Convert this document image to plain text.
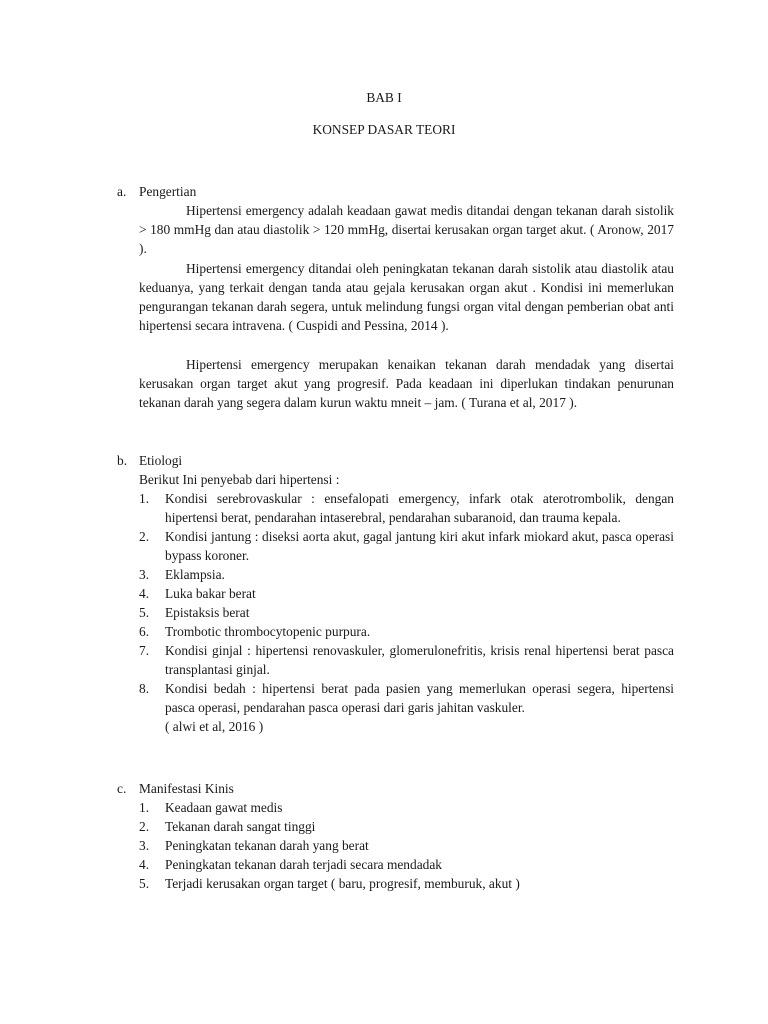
BAB I
KONSEP DASAR TEORI
a. Pengertian
Hipertensi emergency adalah keadaan gawat medis ditandai dengan tekanan darah sistolik > 180 mmHg dan atau diastolik > 120 mmHg, disertai kerusakan organ target akut. ( Aronow, 2017 ).
Hipertensi emergency ditandai oleh peningkatan tekanan darah sistolik atau diastolik atau keduanya, yang terkait dengan tanda atau gejala kerusakan organ akut . Kondisi ini memerlukan pengurangan tekanan darah segera, untuk melindung fungsi organ vital dengan pemberian obat anti hipertensi secara intravena. ( Cuspidi and Pessina, 2014 ).
Hipertensi emergency merupakan kenaikan tekanan darah mendadak yang disertai kerusakan organ target akut yang progresif. Pada keadaan ini diperlukan tindakan penurunan tekanan darah yang segera dalam kurun waktu mneit – jam. ( Turana et al, 2017 ).
b. Etiologi
Berikut Ini penyebab dari hipertensi :
1. Kondisi serebrovaskular : ensefalopati emergency, infark otak aterotrombolik, dengan hipertensi berat, pendarahan intaserebral, pendarahan subaranoid, dan trauma kepala.
2. Kondisi jantung : diseksi aorta akut, gagal jantung kiri akut infark miokard akut, pasca operasi bypass koroner.
3. Eklampsia.
4. Luka bakar berat
5. Epistaksis berat
6. Trombotic thrombocytopenic purpura.
7. Kondisi ginjal : hipertensi renovaskuler, glomerulonefritis, krisis renal hipertensi berat pasca transplantasi ginjal.
8. Kondisi bedah : hipertensi berat pada pasien yang memerlukan operasi segera, hipertensi pasca operasi, pendarahan pasca operasi dari garis jahitan vaskuler.
( alwi et al, 2016 )
c. Manifestasi Kinis
1. Keadaan gawat medis
2. Tekanan darah sangat tinggi
3. Peningkatan tekanan darah yang berat
4. Peningkatan tekanan darah terjadi secara mendadak
5. Terjadi kerusakan organ target ( baru, progresif, memburuk, akut )
